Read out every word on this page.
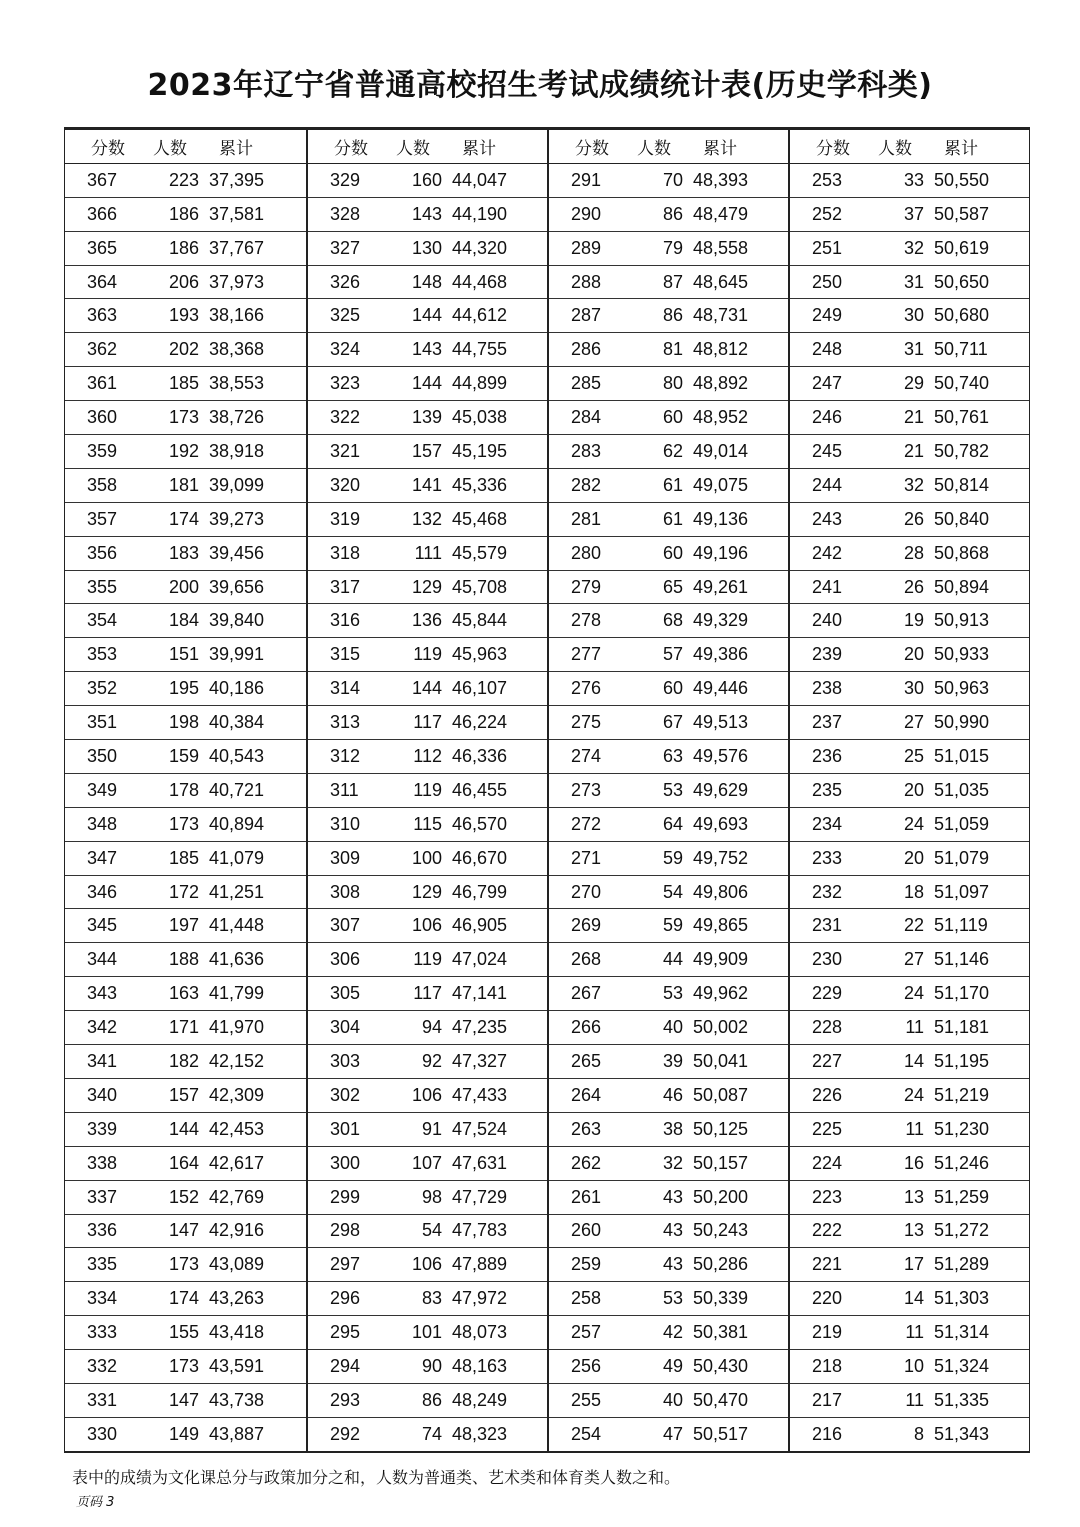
2023年辽宁省普通高校招生考试成绩统计表(历史学科类)
分数	人数	累计
367	223 37,395
366	186 37,581
365	186 37,767
364	206 37,973
363	193 38,166
362	202 38,368
361	185 38,553
360	173 38,726
359	192 38,918
358	181 39,099
357	174 39,273
356	183 39,456
355	200 39,656
354	184 39,840
353	151 39,991
352	195 40,186
351	198 40,384
350	159 40,543
349	178 40,721
348	173 40,894
347	185 41,079
346	172 41,251
345	197 41,448
344	188 41,636
343	163 41,799
342	171 41,970
341	182 42,152
340	157 42,309
339	144 42,453
338	164 42,617
337	152 42,769
336	147 42,916
335	173 43,089
334	174 43,263
333	155 43,418
332	173 43,591
331	147 43,738
330	149 43,887
分数	人数	累计
329	160 44,047
328	143 44,190
327	130 44,320
326	148 44,468
325	144 44,612
324	143 44,755
323	144 44,899
322	139 45,038
321	157 45,195
320	141 45,336
319	132 45,468
318	111 45,579
317	129 45,708
316	136 45,844
315	119 45,963
314	144 46,107
313	117 46,224
312	112 46,336
311	119 46,455
310	115 46,570
309	100 46,670
308	129 46,799
307	106 46,905
306	119 47,024
305	117 47,141
304	94 47,235
303	92 47,327
302	106 47,433
301	91 47,524
300	107 47,631
299	98 47,729
298	54 47,783
297	106 47,889
296	83 47,972
295	101 48,073
294	90 48,163
293	86 48,249
292	74 48,323
分数	人数	累计
291	70 48,393
290	86 48,479
289	79 48,558
288	87 48,645
287	86 48,731
286	81 48,812
285	80 48,892
284	60 48,952
283	62 49,014
282	61 49,075
281	61 49,136
280	60 49,196
279	65 49,261
278	68 49,329
277	57 49,386
276	60 49,446
275	67 49,513
274	63 49,576
273	53 49,629
272	64 49,693
271	59 49,752
270	54 49,806
269	59 49,865
268	44 49,909
267	53 49,962
266	40 50,002
265	39 50,041
264	46 50,087
263	38 50,125
262	32 50,157
261	43 50,200
260	43 50,243
259	43 50,286
258	53 50,339
257	42 50,381
256	49 50,430
255	40 50,470
254	47 50,517
分数	人数	累计
253	33 50,550
252	37 50,587
251	32 50,619
250	31 50,650
249	30 50,680
248	31 50,711
247	29 50,740
246	21 50,761
245	21 50,782
244	32 50,814
243	26 50,840
242	28 50,868
241	26 50,894
240	19 50,913
239	20 50,933
238	30 50,963
237	27 50,990
236	25 51,015
235	20 51,035
234	24 51,059
233	20 51,079
232	18 51,097
231	22 51,119
230	27 51,146
229	24 51,170
228	11 51,181
227	14 51,195
226	24 51,219
225	11 51,230
224	16 51,246
223	13 51,259
222	13 51,272
221	17 51,289
220	14 51,303
219	11 51,314
218	10 51,324
217	11 51,335
216	8 51,343
表中的成绩为文化课总分与政策加分之和，人数为普通类、艺术类和体育类人数之和。
页码 3
